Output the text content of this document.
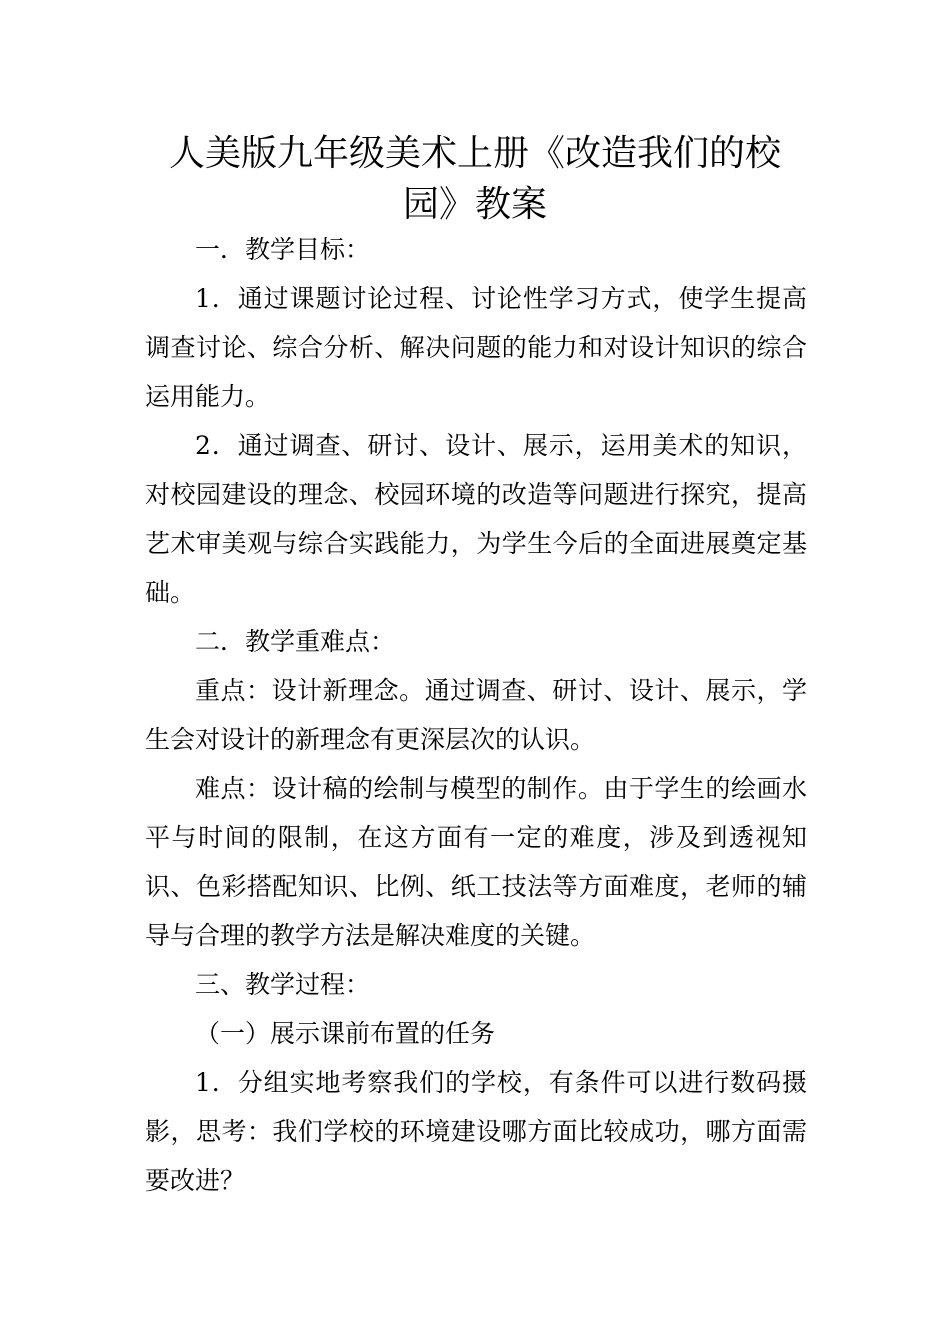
人美版九年级美术上册《改造我们的校
园》教案

一．教学目标：

1．通过课题讨论过程、讨论性学习方式，使学生提高调查讨论、综合分析、解决问题的能力和对设计知识的综合运用能力。

2．通过调查、研讨、设计、展示，运用美术的知识，对校园建设的理念、校园环境的改造等问题进行探究，提高艺术审美观与综合实践能力，为学生今后的全面进展奠定基础。

二．教学重难点：

重点：设计新理念。通过调查、研讨、设计、展示，学生会对设计的新理念有更深层次的认识。

难点：设计稿的绘制与模型的制作。由于学生的绘画水平与时间的限制，在这方面有一定的难度，涉及到透视知识、色彩搭配知识、比例、纸工技法等方面难度，老师的辅导与合理的教学方法是解决难度的关键。

三、教学过程：

（一）展示课前布置的任务

1．分组实地考察我们的学校，有条件可以进行数码摄影，思考：我们学校的环境建设哪方面比较成功，哪方面需要改进？
